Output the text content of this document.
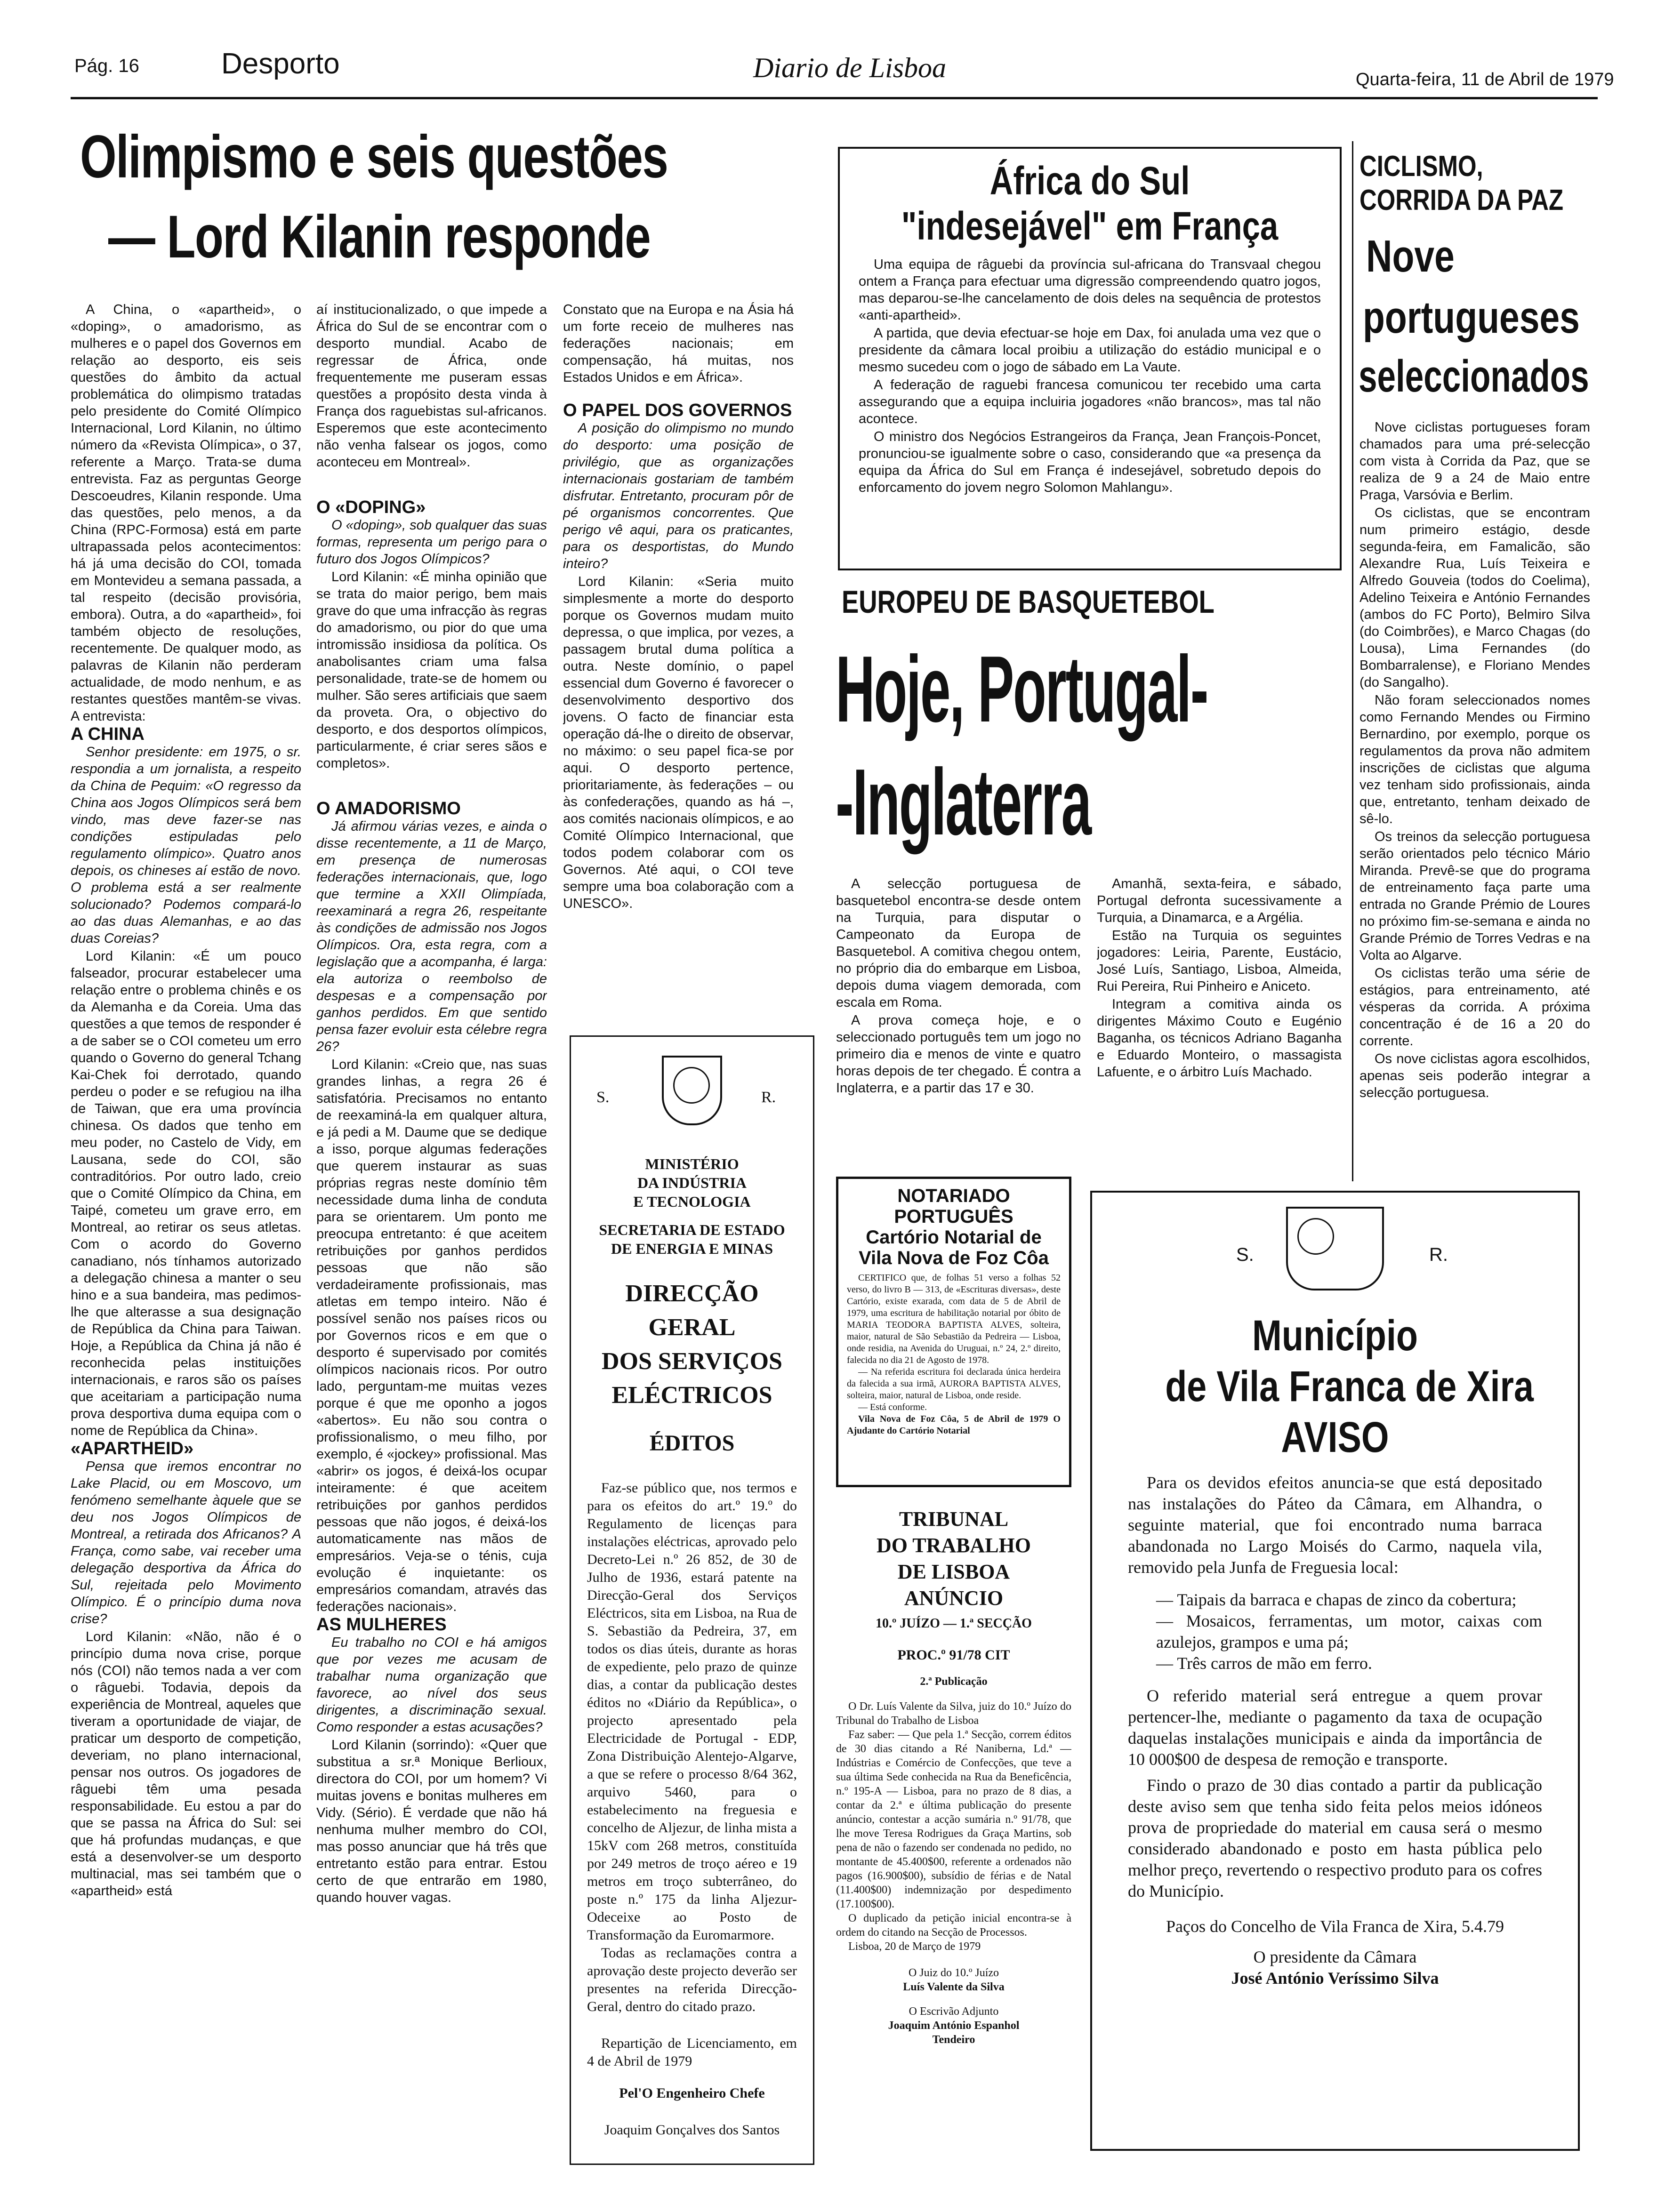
Pág. 16	Desporto	Diario de Lisboa	Quarta-feira, 11 de Abril de 1979
Olimpismo e seis questões
— Lord Kilanin responde

A China, o «apartheid», o «doping», o amadorismo, as mulheres e o papel dos Governos em relação ao desporto, eis seis questões do âmbito da actual problemática do olimpismo tratadas pelo presidente do Comité Olímpico Internacional, Lord Kilanin, no último número da «Revista Olímpica», o 37, referente a Março. Trata-se duma entrevista. Faz as perguntas George Descoeudres, Kilanin responde. Uma das questões, pelo menos, a da China (RPC-Formosa) está em parte ultrapassada pelos acontecimentos: há já uma decisão do COI, tomada em Montevideu a semana passada, a tal respeito (decisão provisória, embora). Outra, a do «apartheid», foi também objecto de resoluções, recentemente. De qualquer modo, as palavras de Kilanin não perderam actualidade, de modo nenhum, e as restantes questões mantêm-se vivas. A entrevista:

A CHINA

Senhor presidente: em 1975, o sr. respondia a um jornalista, a respeito da China de Pequim: «O regresso da China aos Jogos Olímpicos será bem vindo, mas deve fazer-se nas condições estipuladas pelo regulamento olímpico». Quatro anos depois, os chineses aí estão de novo. O problema está a ser realmente solucionado? Podemos compará-lo ao das duas Alemanhas, e ao das duas Coreias?

Lord Kilanin: «É um pouco falseador, procurar estabelecer uma relação entre o problema chinês e os da Alemanha e da Coreia. Uma das questões a que temos de responder é a de saber se o COI cometeu um erro quando o Governo do general Tchang Kai-Chek foi derrotado, quando perdeu o poder e se refugiou na ilha de Taiwan, que era uma província chinesa. Os dados que tenho em meu poder, no Castelo de Vidy, em Lausana, sede do COI, são contraditórios. Por outro lado, creio que o Comité Olímpico da China, em Taipé, cometeu um grave erro, em Montreal, ao retirar os seus atletas. Com o acordo do Governo canadiano, nós tínhamos autorizado a delegação chinesa a manter o seu hino e a sua bandeira, mas pedimos-lhe que alterasse a sua designação de República da China para Taiwan. Hoje, a República da China já não é reconhecida pelas instituições internacionais, e raros são os países que aceitariam a participação numa prova desportiva duma equipa com o nome de República da China».

«APARTHEID»

Pensa que iremos encontrar no Lake Placid, ou em Moscovo, um fenómeno semelhante àquele que se deu nos Jogos Olímpicos de Montreal, a retirada dos Africanos? A França, como sabe, vai receber uma delegação desportiva da África do Sul, rejeitada pelo Movimento Olímpico. É o princípio duma nova crise?

Lord Kilanin: «Não, não é o princípio duma nova crise, porque nós (COI) não temos nada a ver com o râguebi. Todavia, depois da experiência de Montreal, aqueles que tiveram a oportunidade de viajar, de praticar um desporto de competição, deveriam, no plano internacional, pensar nos outros. Os jogadores de râguebi têm uma pesada responsabilidade. Eu estou a par do que se passa na África do Sul: sei que há profundas mudanças, e que está a desenvolver-se um desporto multinacial, mas sei também que o «apartheid» está

aí institucionalizado, o que impede a África do Sul de se encontrar com o desporto mundial. Acabo de regressar de África, onde frequentemente me puseram essas questões a propósito desta vinda à França dos raguebistas sul-africanos. Esperemos que este acontecimento não venha falsear os jogos, como aconteceu em Montreal».

O «DOPING»

O «doping», sob qualquer das suas formas, representa um perigo para o futuro dos Jogos Olímpicos?

Lord Kilanin: «É minha opinião que se trata do maior perigo, bem mais grave do que uma infracção às regras do amadorismo, ou pior do que uma intromissão insidiosa da política. Os anabolisantes criam uma falsa personalidade, trate-se de homem ou mulher. São seres artificiais que saem da proveta. Ora, o objectivo do desporto, e dos desportos olímpicos, particularmente, é criar seres sãos e completos».

O AMADORISMO

Já afirmou várias vezes, e ainda o disse recentemente, a 11 de Março, em presença de numerosas federações internacionais, que, logo que termine a XXII Olimpíada, reexaminará a regra 26, respeitante às condições de admissão nos Jogos Olímpicos. Ora, esta regra, com a legislação que a acompanha, é larga: ela autoriza o reembolso de despesas e a compensação por ganhos perdidos. Em que sentido pensa fazer evoluir esta célebre regra 26?

Lord Kilanin: «Creio que, nas suas grandes linhas, a regra 26 é satisfatória. Precisamos no entanto de reexaminá-la em qualquer altura, e já pedi a M. Daume que se dedique a isso, porque algumas federações que querem instaurar as suas próprias regras neste domínio têm necessidade duma linha de conduta para se orientarem. Um ponto me preocupa entretanto: é que aceitem retribuições por ganhos perdidos pessoas que não são verdadeiramente profissionais, mas atletas em tempo inteiro. Não é possível senão nos países ricos ou por Governos ricos e em que o desporto é supervisado por comités olímpicos nacionais ricos. Por outro lado, perguntam-me muitas vezes porque é que me oponho a jogos «abertos». Eu não sou contra o profissionalismo, o meu filho, por exemplo, é «jockey» profissional. Mas «abrir» os jogos, é deixá-los ocupar inteiramente: é que aceitem retribuições por ganhos perdidos pessoas que não jogos, é deixá-los automaticamente nas mãos de empresários. Veja-se o ténis, cuja evolução é inquietante: os empresários comandam, através das federações nacionais».

AS MULHERES

Eu trabalho no COI e há amigos que por vezes me acusam de trabalhar numa organização que favorece, ao nível dos seus dirigentes, a discriminação sexual. Como responder a estas acusações?

Lord Kilanin (sorrindo): «Quer que substitua a sr.ª Monique Berlioux, directora do COI, por um homem? Vi muitas jovens e bonitas mulheres em Vidy. (Sério). É verdade que não há nenhuma mulher membro do COI, mas posso anunciar que há três que entretanto estão para entrar. Estou certo de que entrarão em 1980, quando houver vagas.

Constato que na Europa e na Ásia há um forte receio de mulheres nas federações nacionais; em compensação, há muitas, nos Estados Unidos e em África».

O PAPEL DOS GOVERNOS

A posição do olimpismo no mundo do desporto: uma posição de privilégio, que as organizações internacionais gostariam de também disfrutar. Entretanto, procuram pôr de pé organismos concorrentes. Que perigo vê aqui, para os praticantes, para os desportistas, do Mundo inteiro?

Lord Kilanin: «Seria muito simplesmente a morte do desporto porque os Governos mudam muito depressa, o que implica, por vezes, a passagem brutal duma política a outra. Neste domínio, o papel essencial dum Governo é favorecer o desenvolvimento desportivo dos jovens. O facto de financiar esta operação dá-lhe o direito de observar, no máximo: o seu papel fica-se por aqui. O desporto pertence, prioritariamente, às federações – ou às confederações, quando as há –, aos comités nacionais olímpicos, e ao Comité Olímpico Internacional, que todos podem colaborar com os Governos. Até aqui, o COI teve sempre uma boa colaboração com a UNESCO».

África do Sul
"indesejável" em França

Uma equipa de râguebi da província sul-africana do Transvaal chegou ontem a França para efectuar uma digressão compreendendo quatro jogos, mas deparou-se-lhe cancelamento de dois deles na sequência de protestos «anti-apartheid».

A partida, que devia efectuar-se hoje em Dax, foi anulada uma vez que o presidente da câmara local proibiu a utilização do estádio municipal e o mesmo sucedeu com o jogo de sábado em La Vaute.

A federação de raguebi francesa comunicou ter recebido uma carta assegurando que a equipa incluiria jogadores «não brancos», mas tal não acontece.

O ministro dos Negócios Estrangeiros da França, Jean François-Poncet, pronunciou-se igualmente sobre o caso, considerando que «a presença da equipa da África do Sul em França é indesejável, sobretudo depois do enforcamento do jovem negro Solomon Mahlangu».

CICLISMO,
CORRIDA DA PAZ
Nove
portugueses
seleccionados

Nove ciclistas portugueses foram chamados para uma pré-selecção com vista à Corrida da Paz, que se realiza de 9 a 24 de Maio entre Praga, Varsóvia e Berlim.

Os ciclistas, que se encontram num primeiro estágio, desde segunda-feira, em Famalicão, são Alexandre Rua, Luís Teixeira e Alfredo Gouveia (todos do Coelima), Adelino Teixeira e António Fernandes (ambos do FC Porto), Belmiro Silva (do Coimbrões), e Marco Chagas (do Lousa), Lima Fernandes (do Bombarralense), e Floriano Mendes (do Sangalho).

Não foram seleccionados nomes como Fernando Mendes ou Firmino Bernardino, por exemplo, porque os regulamentos da prova não admitem inscrições de ciclistas que alguma vez tenham sido profissionais, ainda que, entretanto, tenham deixado de sê-lo.

Os treinos da selecção portuguesa serão orientados pelo técnico Mário Miranda. Prevê-se que do programa de entreinamento faça parte uma entrada no Grande Prémio de Loures no próximo fim-se-semana e ainda no Grande Prémio de Torres Vedras e na Volta ao Algarve.

Os ciclistas terão uma série de estágios, para entreinamento, até vésperas da corrida. A próxima concentração é de 16 a 20 do corrente.

Os nove ciclistas agora escolhidos, apenas seis poderão integrar a selecção portuguesa.

EUROPEU DE BASQUETEBOL
Hoje, Portugal-
-Inglaterra

A selecção portuguesa de basquetebol encontra-se desde ontem na Turquia, para disputar o Campeonato da Europa de Basquetebol. A comitiva chegou ontem, no próprio dia do embarque em Lisboa, depois duma viagem demorada, com escala em Roma.

A prova começa hoje, e o seleccionado português tem um jogo no primeiro dia e menos de vinte e quatro horas depois de ter chegado. É contra a Inglaterra, e a partir das 17 e 30.

Amanhã, sexta-feira, e sábado, Portugal defronta sucessivamente a Turquia, a Dinamarca, e a Argélia.

Estão na Turquia os seguintes jogadores: Leiria, Parente, Eustácio, José Luís, Santiago, Lisboa, Almeida, Rui Pereira, Rui Pinheiro e Aniceto.

Integram a comitiva ainda os dirigentes Máximo Couto e Eugénio Baganha, os técnicos Adriano Baganha e Eduardo Monteiro, o massagista Lafuente, e o árbitro Luís Machado.

S.	R.
MINISTÉRIO
DA INDÚSTRIA
E TECNOLOGIA
SECRETARIA DE ESTADO
DE ENERGIA E MINAS
DIRECÇÃO
GERAL
DOS SERVIÇOS
ELÉCTRICOS
ÉDITOS

Faz-se público que, nos termos e para os efeitos do art.º 19.º do Regulamento de licenças para instalações eléctricas, aprovado pelo Decreto-Lei n.º 26 852, de 30 de Julho de 1936, estará patente na Direcção-Geral dos Serviços Eléctricos, sita em Lisboa, na Rua de S. Sebastião da Pedreira, 37, em todos os dias úteis, durante as horas de expediente, pelo prazo de quinze dias, a contar da publicação destes éditos no «Diário da República», o projecto apresentado pela Electricidade de Portugal - EDP, Zona Distribuição Alentejo-Algarve, a que se refere o processo 8/64 362, arquivo 5460, para o estabelecimento na freguesia e concelho de Aljezur, de linha mista a 15kV com 268 metros, constituída por 249 metros de troço aéreo e 19 metros em troço subterrâneo, do poste n.º 175 da linha Aljezur-Odeceixe ao Posto de Transformação da Euromarmore.

Todas as reclamações contra a aprovação deste projecto deverão ser presentes na referida Direcção-Geral, dentro do citado prazo.

Repartição de Licenciamento, em 4 de Abril de 1979

Pel'O Engenheiro Chefe

Joaquim Gonçalves dos Santos

NOTARIADO
PORTUGUÊS
Cartório Notarial de
Vila Nova de Foz Côa

CERTIFICO que, de folhas 51 verso a folhas 52 verso, do livro B — 313, de «Escrituras diversas», deste Cartório, existe exarada, com data de 5 de Abril de 1979, uma escritura de habilitação notarial por óbito de MARIA TEODORA BAPTISTA ALVES, solteira, maior, natural de São Sebastião da Pedreira — Lisboa, onde residia, na Avenida do Uruguai, n.º 24, 2.º direito, falecida no dia 21 de Agosto de 1978.

— Na referida escritura foi declarada única herdeira da falecida a sua irmã, AURORA BAPTISTA ALVES, solteira, maior, natural de Lisboa, onde reside.

— Está conforme.

Vila Nova de Foz Côa, 5 de Abril de 1979 O Ajudante do Cartório Notarial

TRIBUNAL
DO TRABALHO
DE LISBOA
ANÚNCIO
10.º JUÍZO — 1.ª SECÇÃO
PROC.º 91/78 CIT
2.ª Publicação

O Dr. Luís Valente da Silva, juiz do 10.º Juízo do Tribunal do Trabalho de Lisboa

Faz saber: — Que pela 1.ª Secção, correm éditos de 30 dias citando a Ré Naniberna, Ld.ª — Indústrias e Comércio de Confecções, que teve a sua última Sede conhecida na Rua da Beneficência, n.º 195-A — Lisboa, para no prazo de 8 dias, a contar da 2.ª e última publicação do presente anúncio, contestar a acção sumária n.º 91/78, que lhe move Teresa Rodrigues da Graça Martins, sob pena de não o fazendo ser condenada no pedido, no montante de 45.400$00, referente a ordenados não pagos (16.900$00), subsídio de férias e de Natal (11.400$00) indemnização por despedimento (17.100$00).

O duplicado da petição inicial encontra-se à ordem do citando na Secção de Processos.

Lisboa, 20 de Março de 1979

O Juiz do 10.º Juízo
Luís Valente da Silva
O Escrivão Adjunto
Joaquim António Espanhol
Tendeiro
S.	R.
Município
de Vila Franca de Xira
AVISO

Para os devidos efeitos anuncia-se que está depositado nas instalações do Páteo da Câmara, em Alhandra, o seguinte material, que foi encontrado numa barraca abandonada no Largo Moisés do Carmo, naquela vila, removido pela Junfa de Freguesia local:

— Taipais da barraca e chapas de zinco da cobertura;
— Mosaicos, ferramentas, um motor, caixas com azulejos, grampos e uma pá;
— Três carros de mão em ferro.

O referido material será entregue a quem provar pertencer-lhe, mediante o pagamento da taxa de ocupação daquelas instalações municipais e ainda da importância de 10 000$00 de despesa de remoção e transporte.

Findo o prazo de 30 dias contado a partir da publicação deste aviso sem que tenha sido feita pelos meios idóneos prova de propriedade do material em causa será o mesmo considerado abandonado e posto em hasta pública pelo melhor preço, revertendo o respectivo produto para os cofres do Município.

Paços do Concelho de Vila Franca de Xira, 5.4.79

O presidente da Câmara

José António Veríssimo Silva
